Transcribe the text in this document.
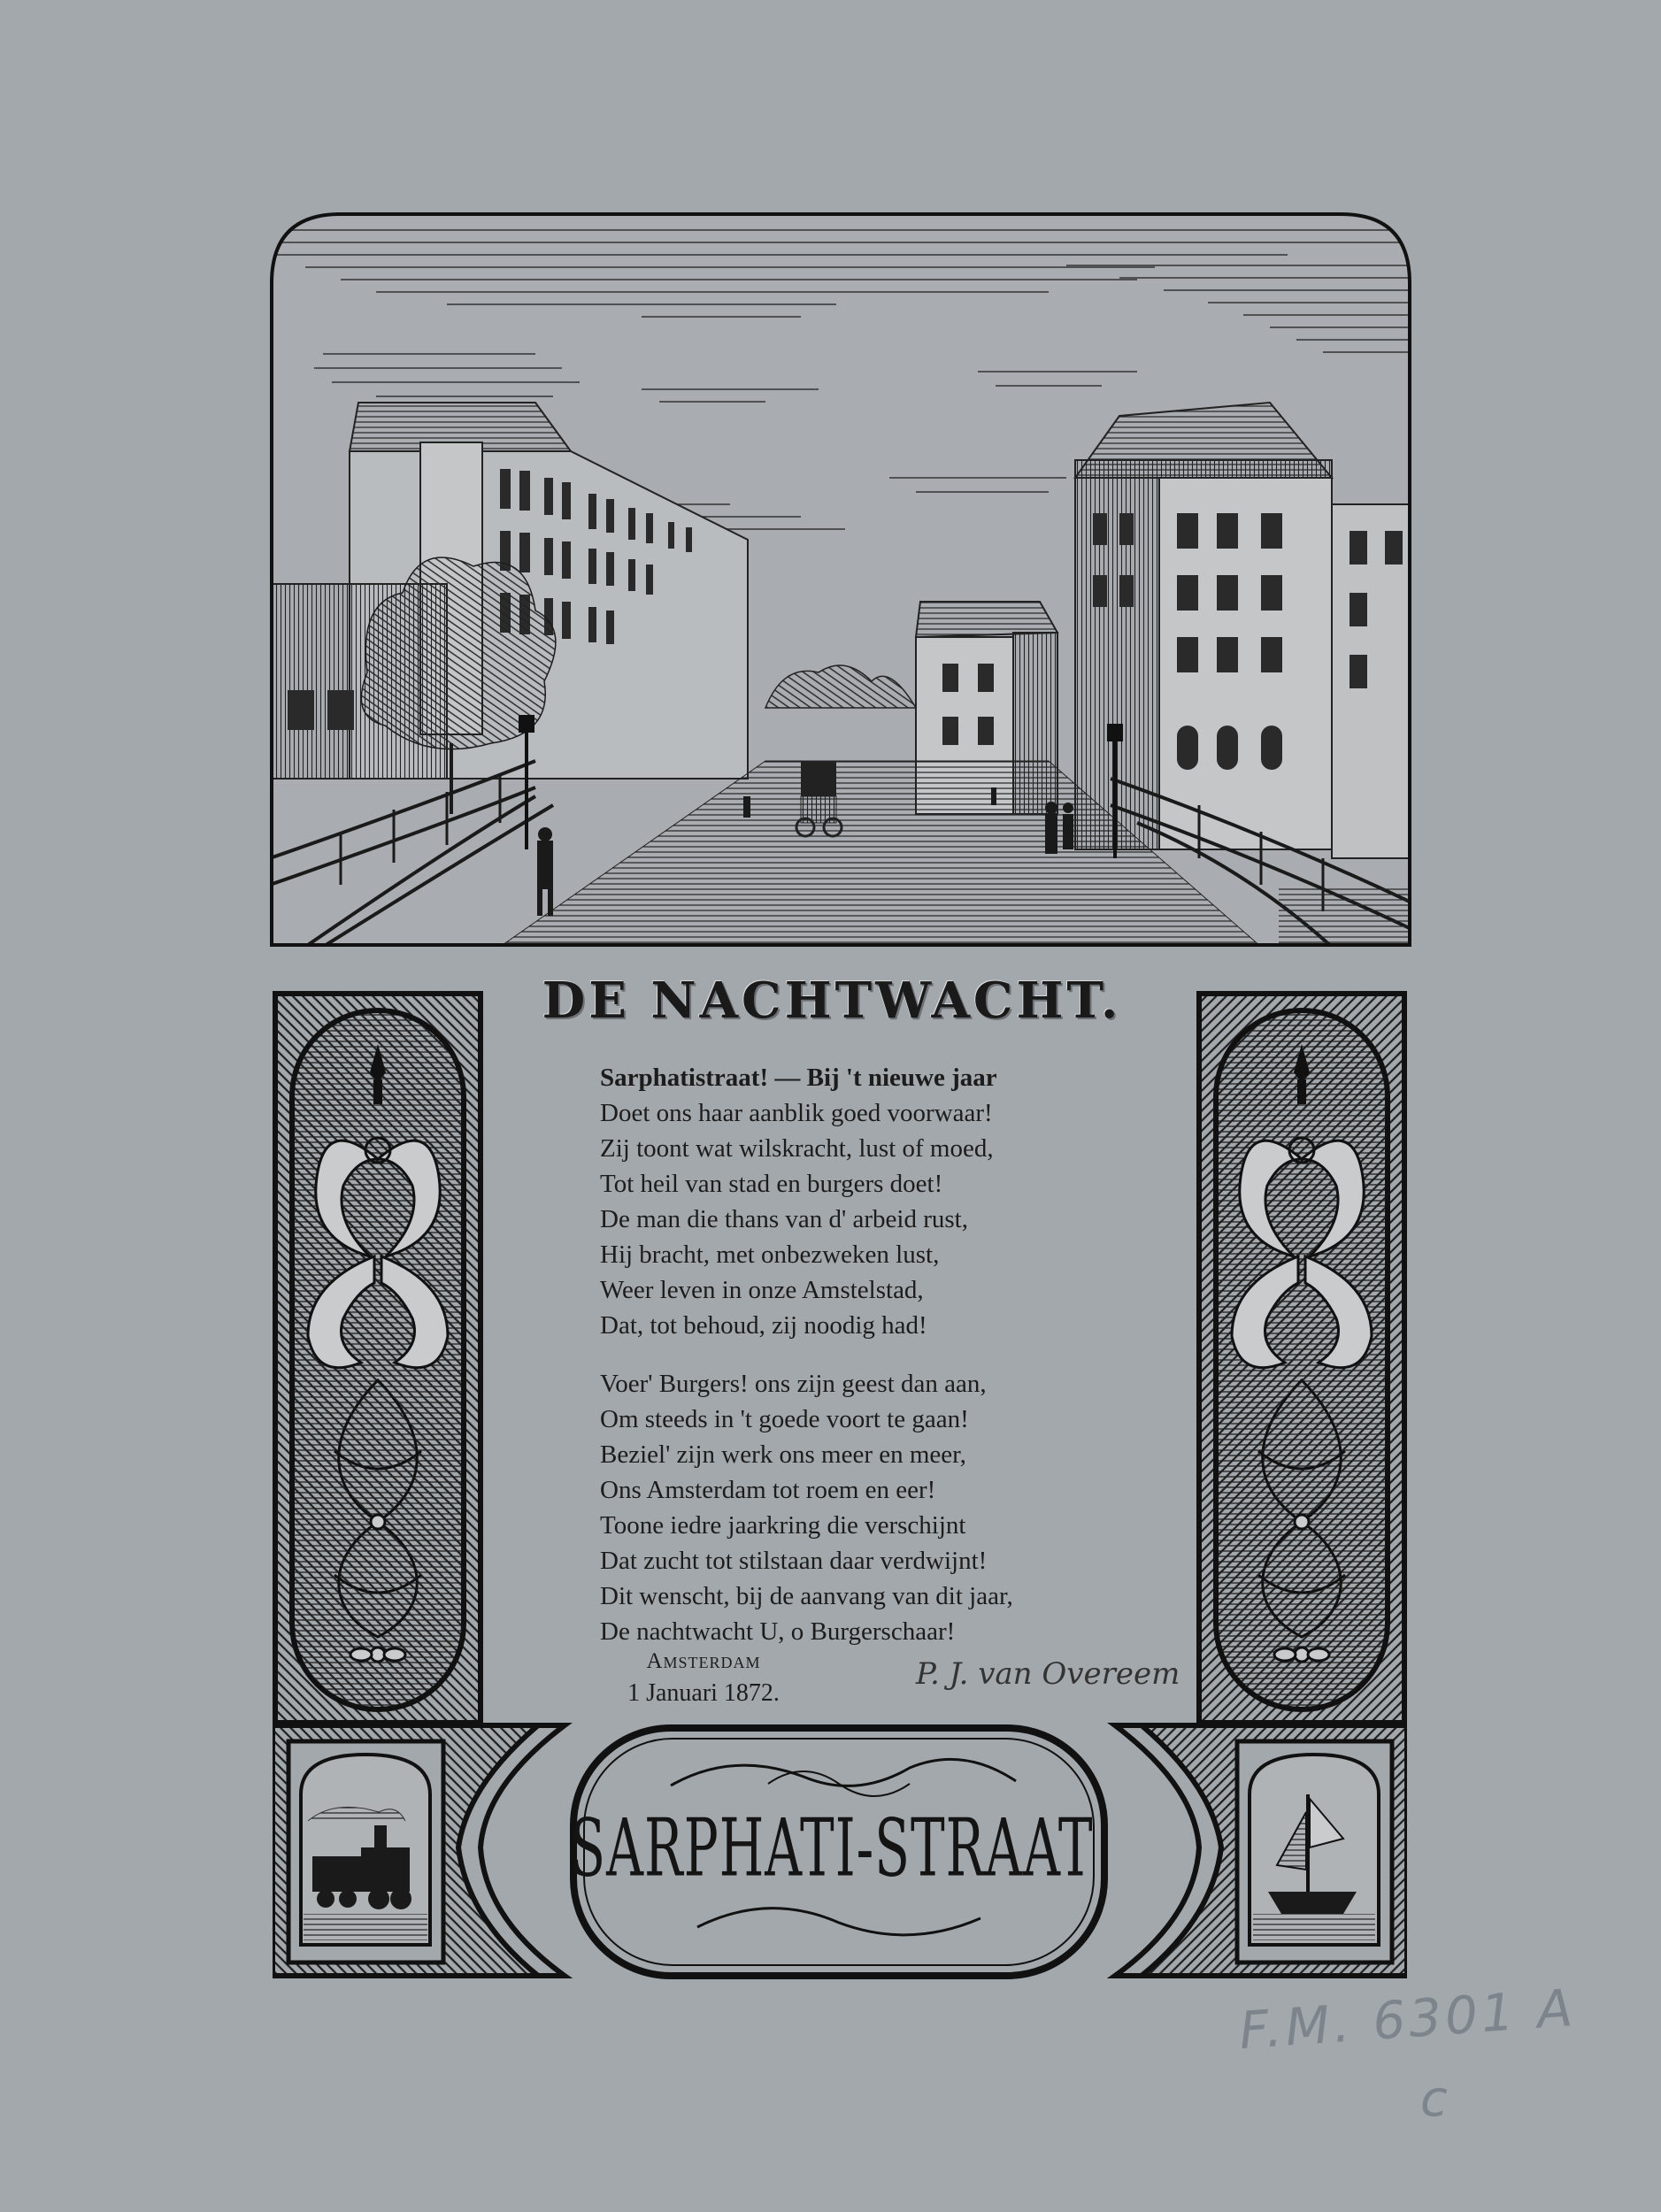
DE NACHTWACHT.
Sarphatistraat! — Bij 't nieuwe jaar
Doet ons haar aanblik goed voorwaar!
Zij toont wat wilskracht, lust of moed,
Tot heil van stad en burgers doet!
De man die thans van d' arbeid rust,
Hij bracht, met onbezweken lust,
Weer leven in onze Amstelstad,
Dat, tot behoud, zij noodig had!
Voer' Burgers! ons zijn geest dan aan,
Om steeds in 't goede voort te gaan!
Beziel' zijn werk ons meer en meer,
Ons Amsterdam tot roem en eer!
Toone iedre jaarkring die verschijnt
Dat zucht tot stilstaan daar verdwijnt!
Dit wenscht, bij de aanvang van dit jaar,
De nachtwacht U, o Burgerschaar!
Amsterdam
1 Januari 1872.
P. J. van Overeem
SARPHATI-STRAAT
F.M. 6301 A
c
